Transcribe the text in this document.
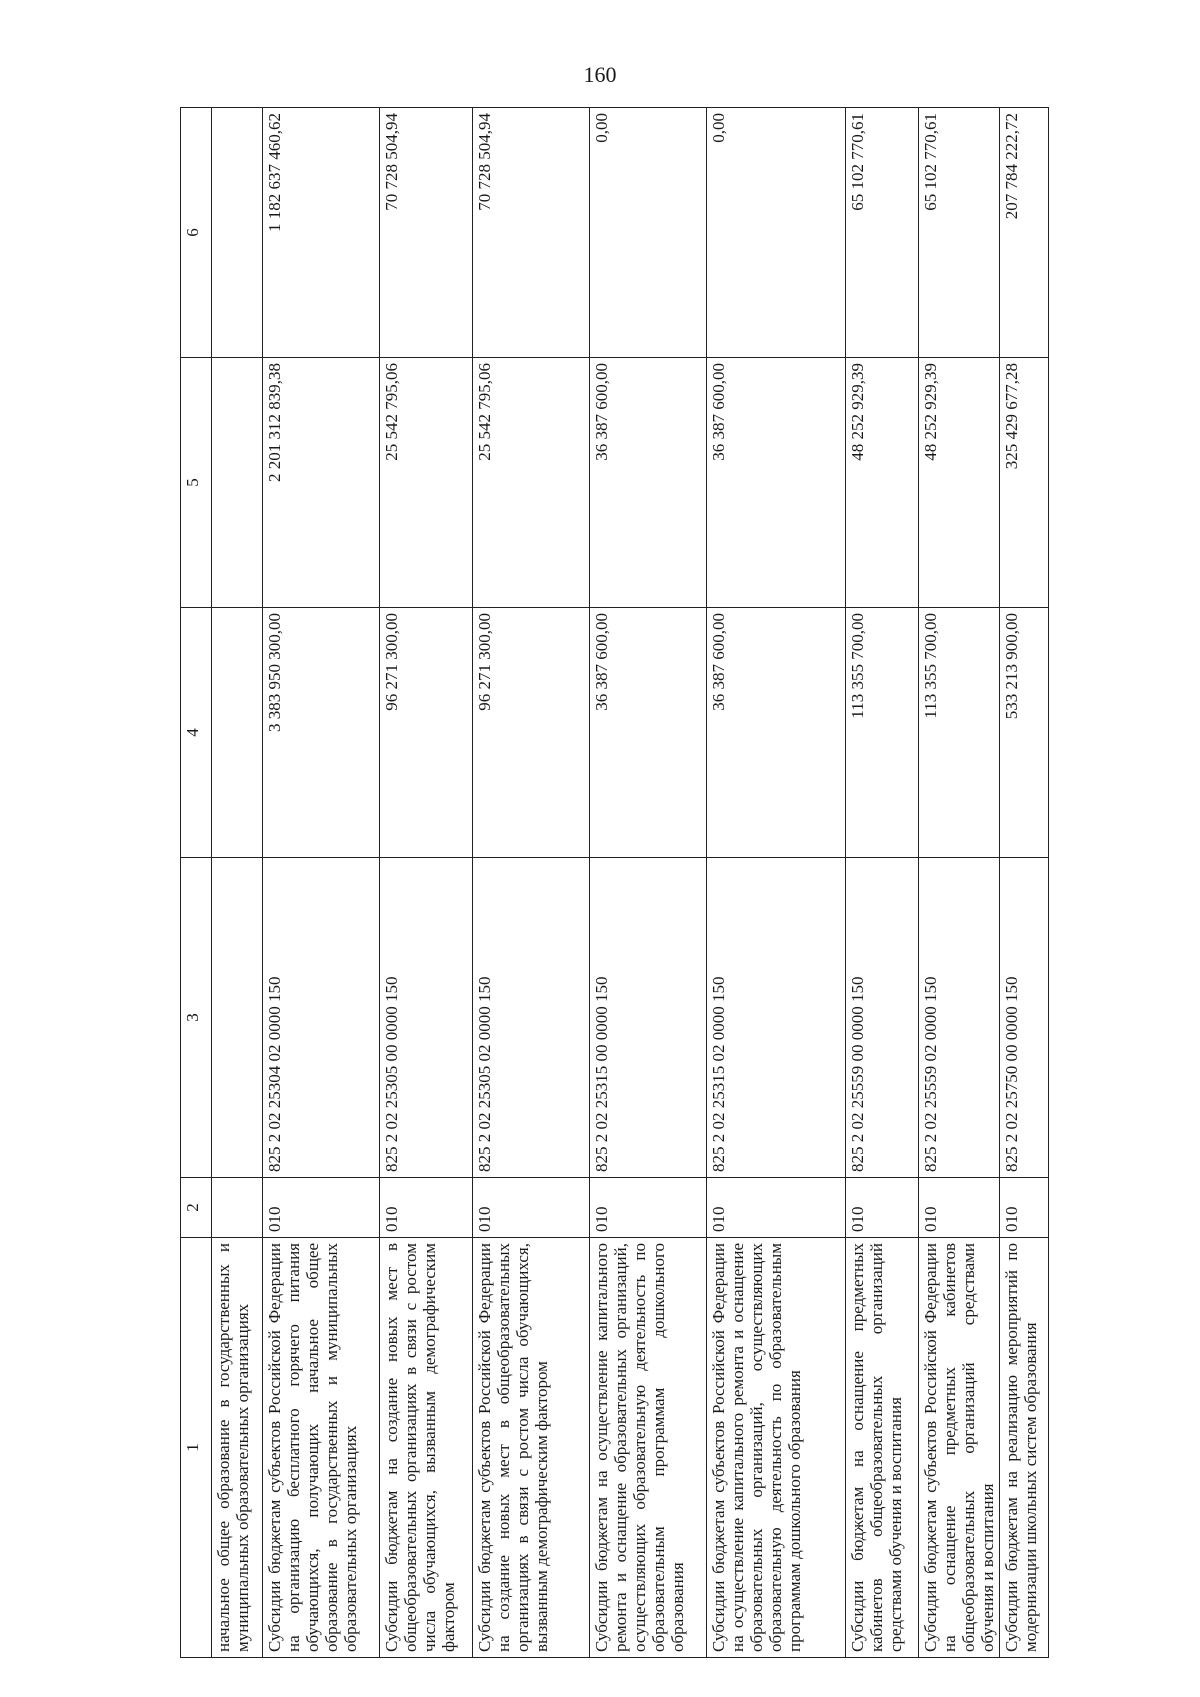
160
1	2	3	4	5	6
начальное общее образование в государственных и муниципальных образовательных организациях					
Субсидии бюджетам субъектов Российской Федерации на организацию бесплатного горячего питания обучающихся, получающих начальное общее образование в государственных и муниципальных образовательных организациях	010	825 2 02 25304 02 0000 150	3 383 950 300,00	2 201 312 839,38	1 182 637 460,62
Субсидии бюджетам на создание новых мест в общеобразовательных организациях в связи с ростом числа обучающихся, вызванным демографическим фактором	010	825 2 02 25305 00 0000 150	96 271 300,00	25 542 795,06	70 728 504,94
Субсидии бюджетам субъектов Российской Федерации на создание новых мест в общеобразовательных организациях в связи с ростом числа обучающихся, вызванным демографическим фактором	010	825 2 02 25305 02 0000 150	96 271 300,00	25 542 795,06	70 728 504,94
Субсидии бюджетам на осуществление капитального ремонта и оснащение образовательных организаций, осуществляющих образовательную деятельность по образовательным программам дошкольного образования	010	825 2 02 25315 00 0000 150	36 387 600,00	36 387 600,00	0,00
Субсидии бюджетам субъектов Российской Федерации на осуществление капитального ремонта и оснащение образовательных организаций, осуществляющих образовательную деятельность по образовательным программам дошкольного образования	010	825 2 02 25315 02 0000 150	36 387 600,00	36 387 600,00	0,00
Субсидии бюджетам на оснащение предметных кабинетов общеобразовательных организаций средствами обучения и воспитания	010	825 2 02 25559 00 0000 150	113 355 700,00	48 252 929,39	65 102 770,61
Субсидии бюджетам субъектов Российской Федерации на оснащение предметных кабинетов общеобразовательных организаций средствами обучения и воспитания	010	825 2 02 25559 02 0000 150	113 355 700,00	48 252 929,39	65 102 770,61
Субсидии бюджетам на реализацию мероприятий по модернизации школьных систем образования	010	825 2 02 25750 00 0000 150	533 213 900,00	325 429 677,28	207 784 222,72
